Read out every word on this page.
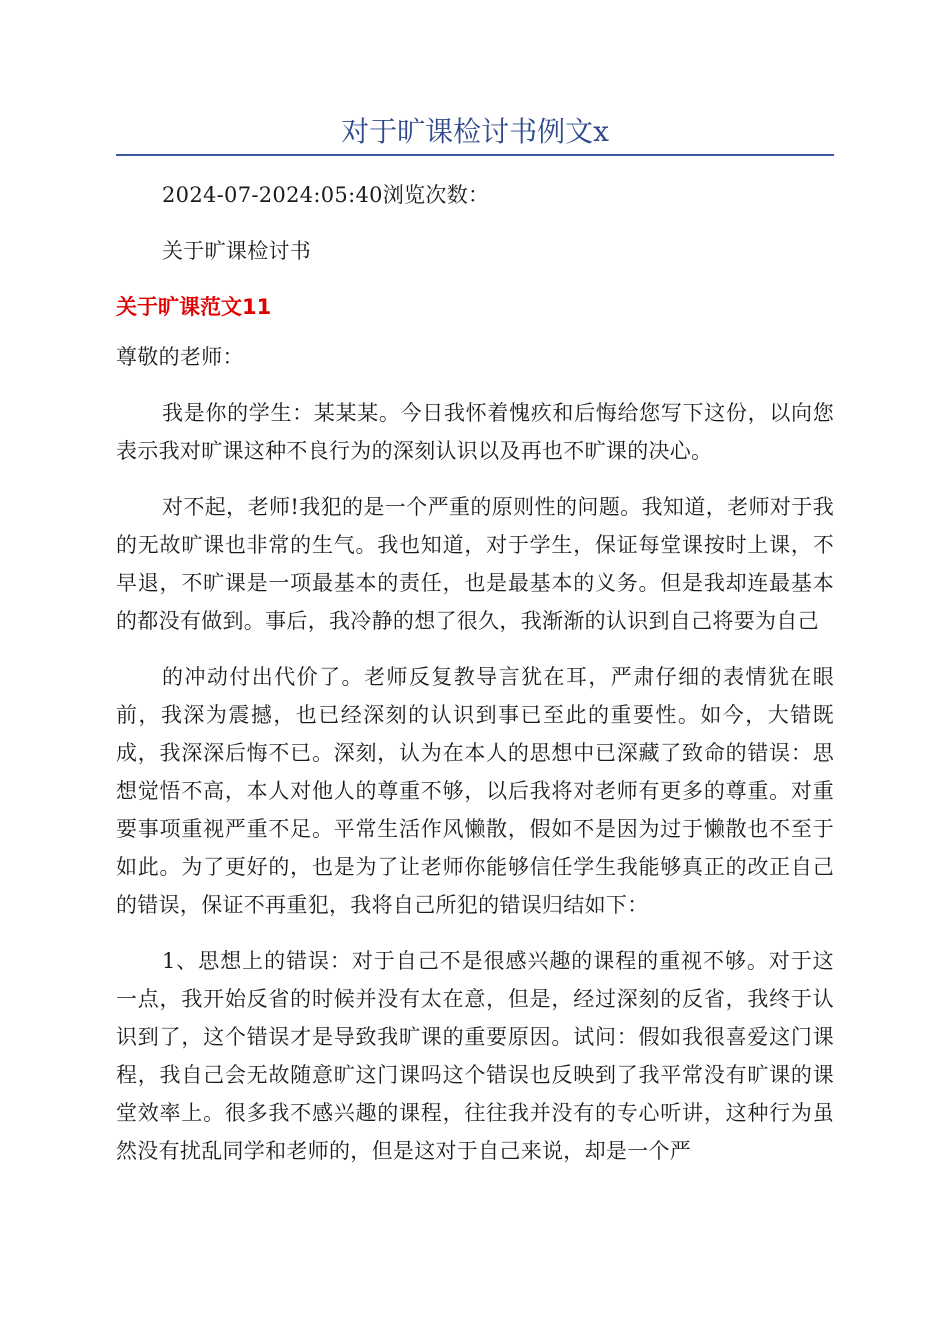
对于旷课检讨书例文x

2024-07-2024:05:40浏览次数：

关于旷课检讨书

关于旷课范文11

尊敬的老师：

我是你的学生：某某某。今日我怀着愧疚和后悔给您写下这份，以向您表示我对旷课这种不良行为的深刻认识以及再也不旷课的决心。

对不起，老师!我犯的是一个严重的原则性的问题。我知道，老师对于我的无故旷课也非常的生气。我也知道，对于学生，保证每堂课按时上课，不早退，不旷课是一项最基本的责任，也是最基本的义务。但是我却连最基本的都没有做到。事后，我冷静的想了很久，我渐渐的认识到自己将要为自己

的冲动付出代价了。老师反复教导言犹在耳，严肃仔细的表情犹在眼前，我深为震撼，也已经深刻的认识到事已至此的重要性。如今，大错既成，我深深后悔不已。深刻，认为在本人的思想中已深藏了致命的错误：思想觉悟不高，本人对他人的尊重不够，以后我将对老师有更多的尊重。对重要事项重视严重不足。平常生活作风懒散，假如不是因为过于懒散也不至于如此。为了更好的，也是为了让老师你能够信任学生我能够真正的改正自己的错误，保证不再重犯，我将自己所犯的错误归结如下：

1、思想上的错误：对于自己不是很感兴趣的课程的重视不够。对于这一点，我开始反省的时候并没有太在意，但是，经过深刻的反省，我终于认识到了，这个错误才是导致我旷课的重要原因。试问：假如我很喜爱这门课程，我自己会无故随意旷这门课吗这个错误也反映到了我平常没有旷课的课堂效率上。很多我不感兴趣的课程，往往我并没有的专心听讲，这种行为虽然没有扰乱同学和老师的，但是这对于自己来说，却是一个严
